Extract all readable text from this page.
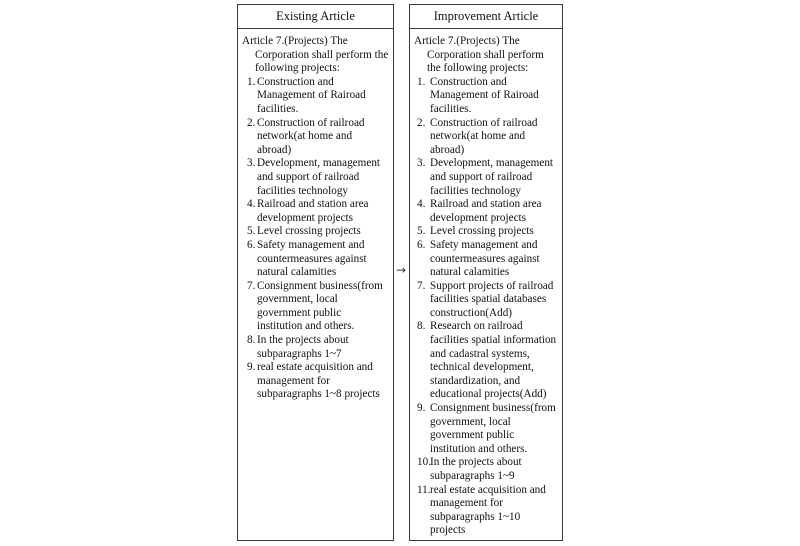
Existing Article

Article 7.(Projects) The Corporation shall perform the following projects:

1. Construction and Management of Rairoad facilities.
2. Construction of railroad network(at home and abroad)
3. Development, management and support of railroad facilities technology
4. Railroad and station area development projects
5. Level crossing projects
6. Safety management and countermeasures against natural calamities
7. Consignment business(from government, local government public institution and others.
8. In the projects about subparagraphs 1~7
9. real estate acquisition and management for subparagraphs 1~8 projects
→
Improvement Article

Article 7.(Projects) The Corporation shall perform the following projects:

1. Construction and Management of Rairoad facilities.
2. Construction of railroad network(at home and abroad)
3. Development, management and support of railroad facilities technology
4. Railroad and station area development projects
5. Level crossing projects
6. Safety management and countermeasures against natural calamities
7. Support projects of railroad facilities spatial databases construction(Add)
8. Research on railroad facilities spatial information and cadastral systems, technical development, standardization, and educational projects(Add)
9. Consignment business(from government, local government public institution and others.
10. In the projects about subparagraphs 1~9
11. real estate acquisition and management for subparagraphs 1~10 projects
